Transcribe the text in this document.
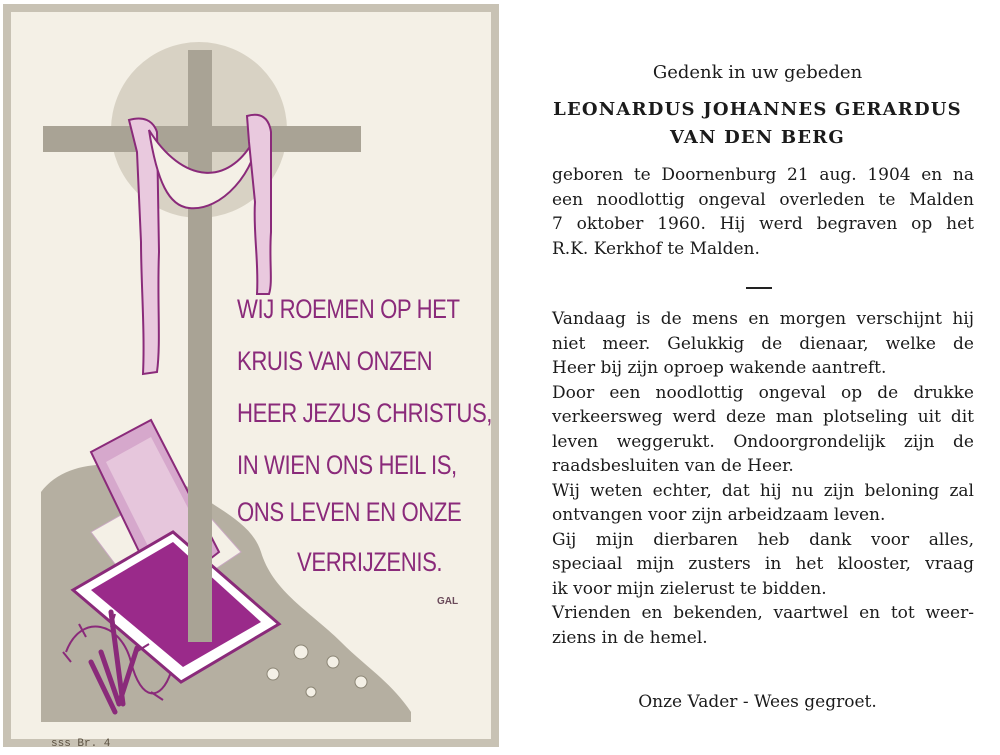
WIJ ROEMEN OP HET
KRUIS VAN ONZEN
HEER JEZUS CHRISTUS,
IN WIEN ONS HEIL IS,
ONS LEVEN EN ONZE
VERRIJZENIS.
GAL
sss Br. 4
Gedenk in uw gebeden
LEONARDUS JOHANNES GERARDUS
VAN DEN BERG
geboren te Doornenburg 21 aug. 1904 en na
een noodlottig ongeval overleden te Malden
7 oktober 1960. Hij werd begraven op het
R.K. Kerkhof te Malden.
Vandaag is de mens en morgen verschijnt hij
niet meer. Gelukkig de dienaar, welke de
Heer bij zijn oproep wakende aantreft.
Door een noodlottig ongeval op de drukke
verkeersweg werd deze man plotseling uit dit
leven weggerukt. Ondoorgrondelijk zijn de
raadsbesluiten van de Heer.
Wij weten echter, dat hij nu zijn beloning zal
ontvangen voor zijn arbeidzaam leven.
Gij mijn dierbaren heb dank voor alles,
speciaal mijn zusters in het klooster, vraag
ik voor mijn zielerust te bidden.
Vrienden en bekenden, vaartwel en tot weer-
ziens in de hemel.
Onze Vader - Wees gegroet.
